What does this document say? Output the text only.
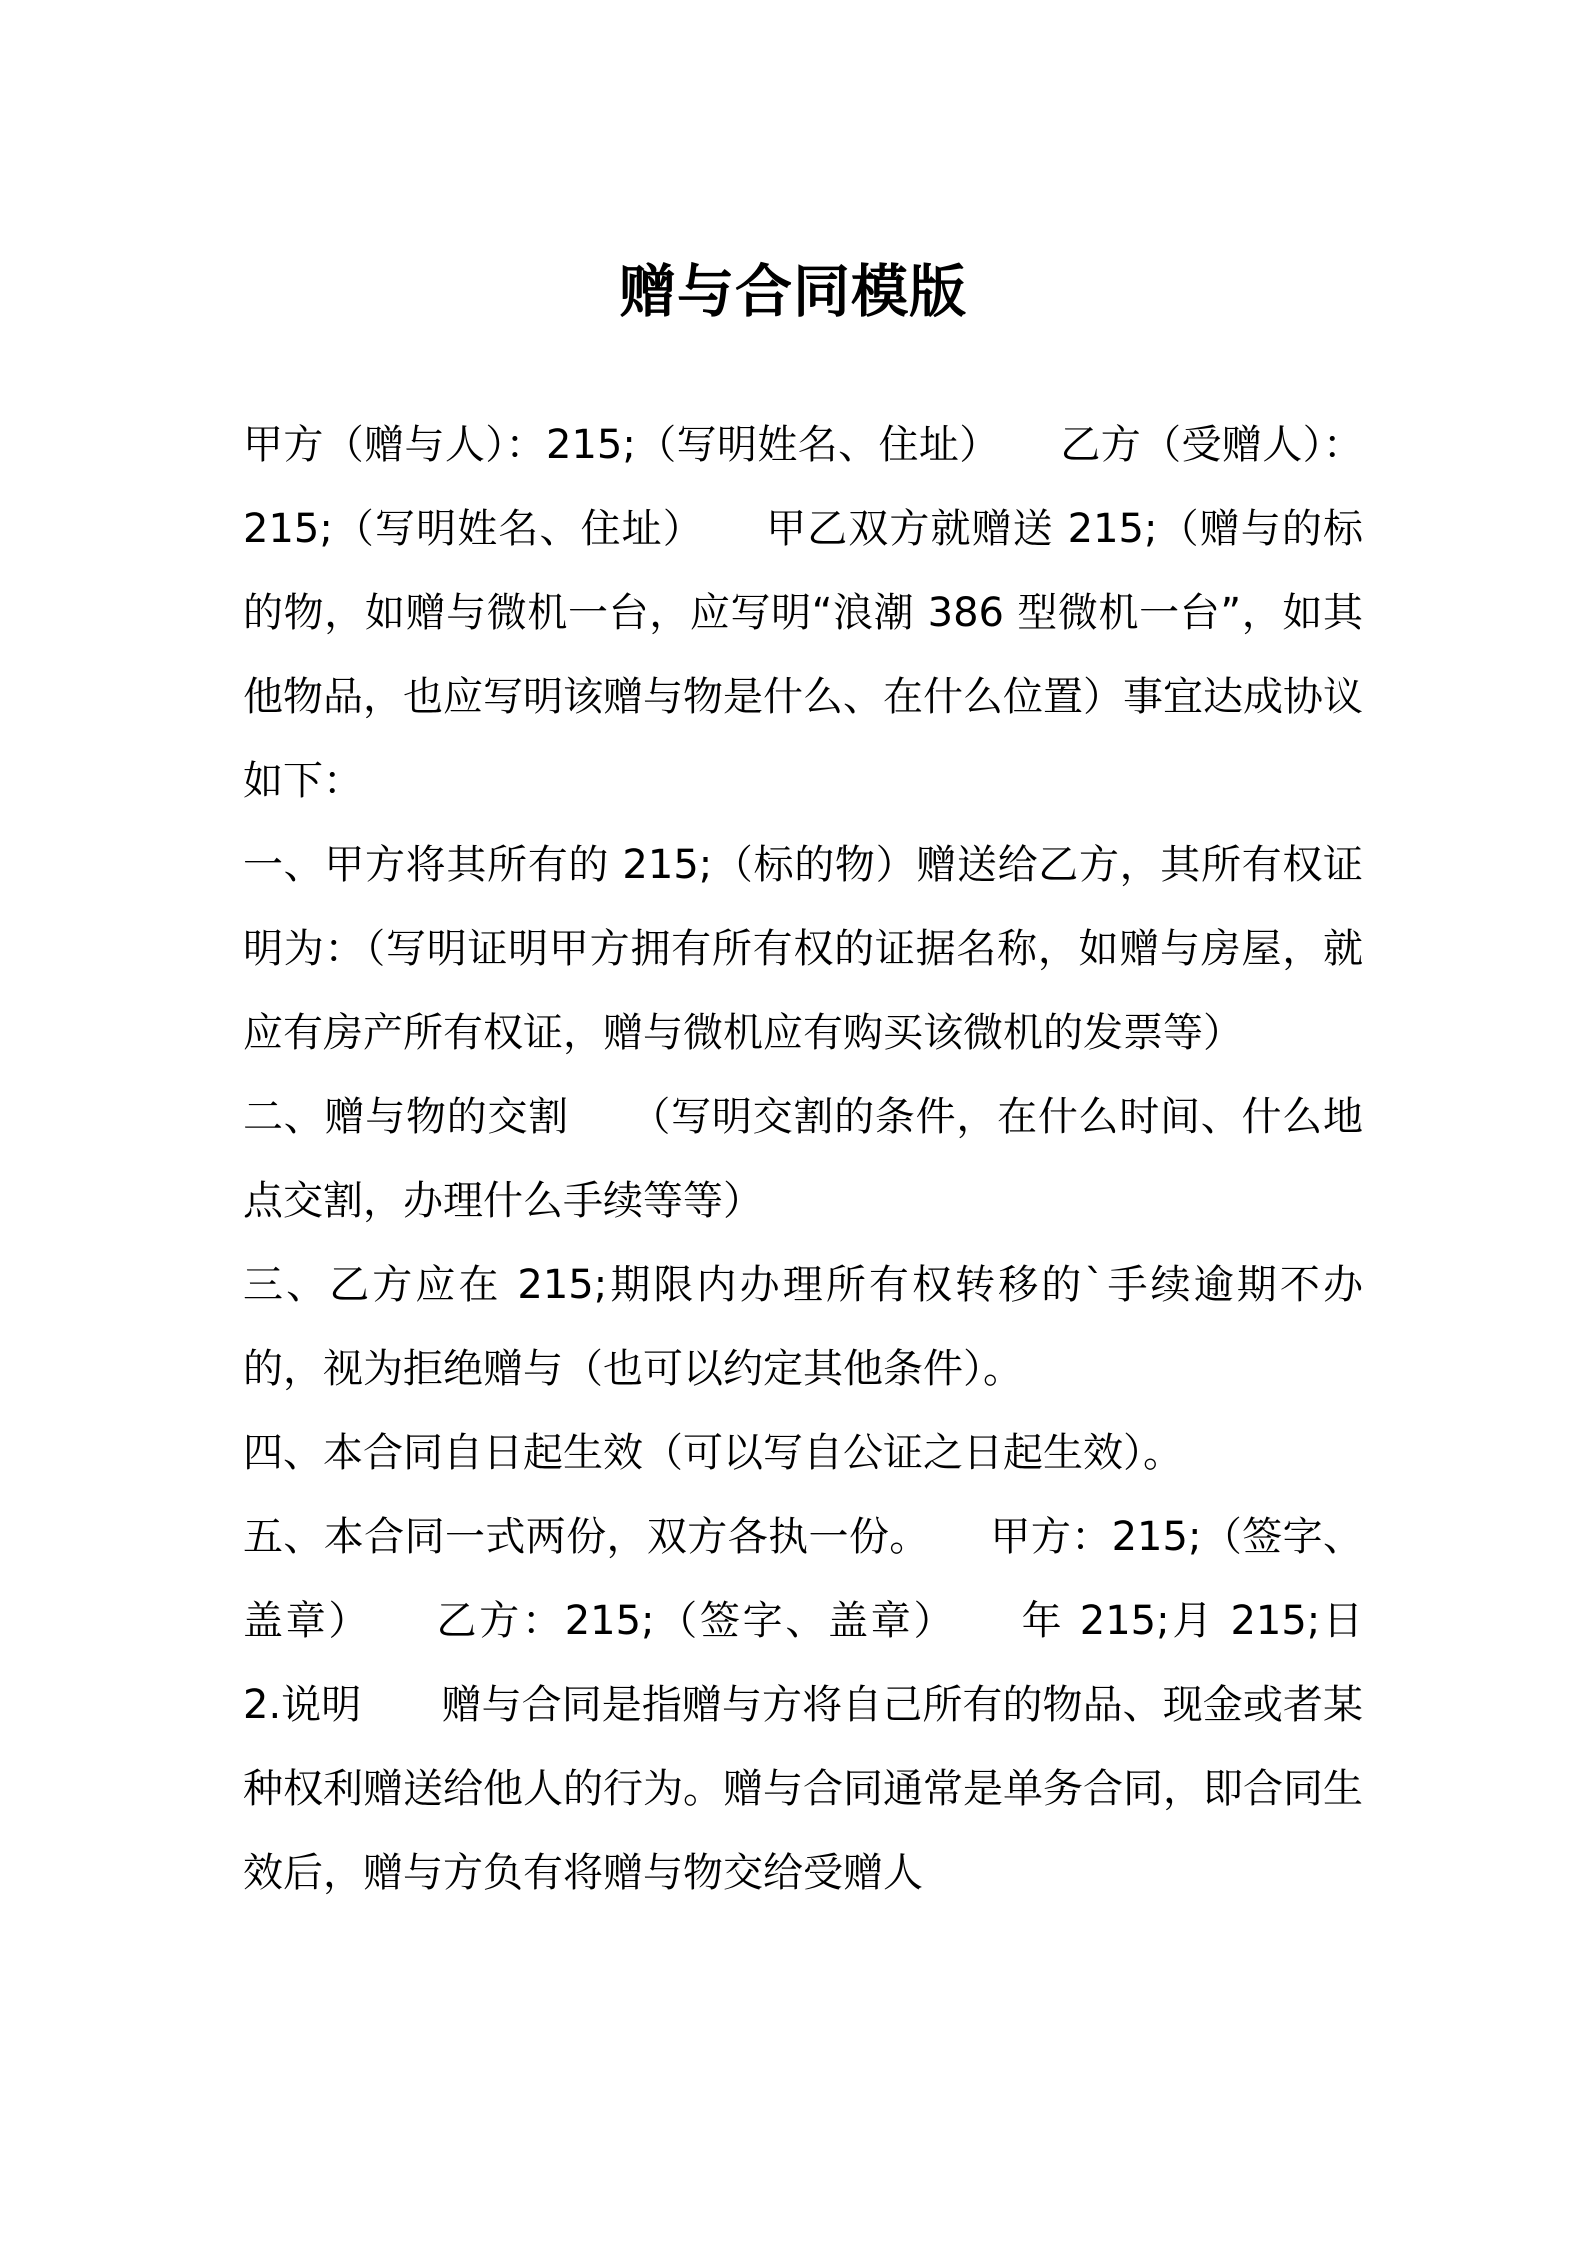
赠与合同模版

甲方（赠与人）：215;（写明姓名、住址）　　乙方（受赠人）：215;（写明姓名、住址）　　甲乙双方就赠送 215;（赠与的标的物，如赠与微机一台，应写明“浪潮 386 型微机一台”，如其他物品，也应写明该赠与物是什么、在什么位置）事宜达成协议如下：

一、甲方将其所有的 215;（标的物）赠送给乙方，其所有权证明为：（写明证明甲方拥有所有权的证据名称，如赠与房屋，就应有房产所有权证，赠与微机应有购买该微机的发票等）

二、赠与物的交割　　（写明交割的条件，在什么时间、什么地点交割，办理什么手续等等）

三、乙方应在 215;期限内办理所有权转移的`手续逾期不办的，视为拒绝赠与（也可以约定其他条件）。

四、本合同自日起生效（可以写自公证之日起生效）。

五、本合同一式两份，双方各执一份。　　甲方：215;（签字、盖章）　　乙方：215;（签字、盖章）　　年 215;月 215;日　　2.说明　　赠与合同是指赠与方将自己所有的物品、现金或者某种权利赠送给他人的行为。赠与合同通常是单务合同，即合同生效后，赠与方负有将赠与物交给受赠人
